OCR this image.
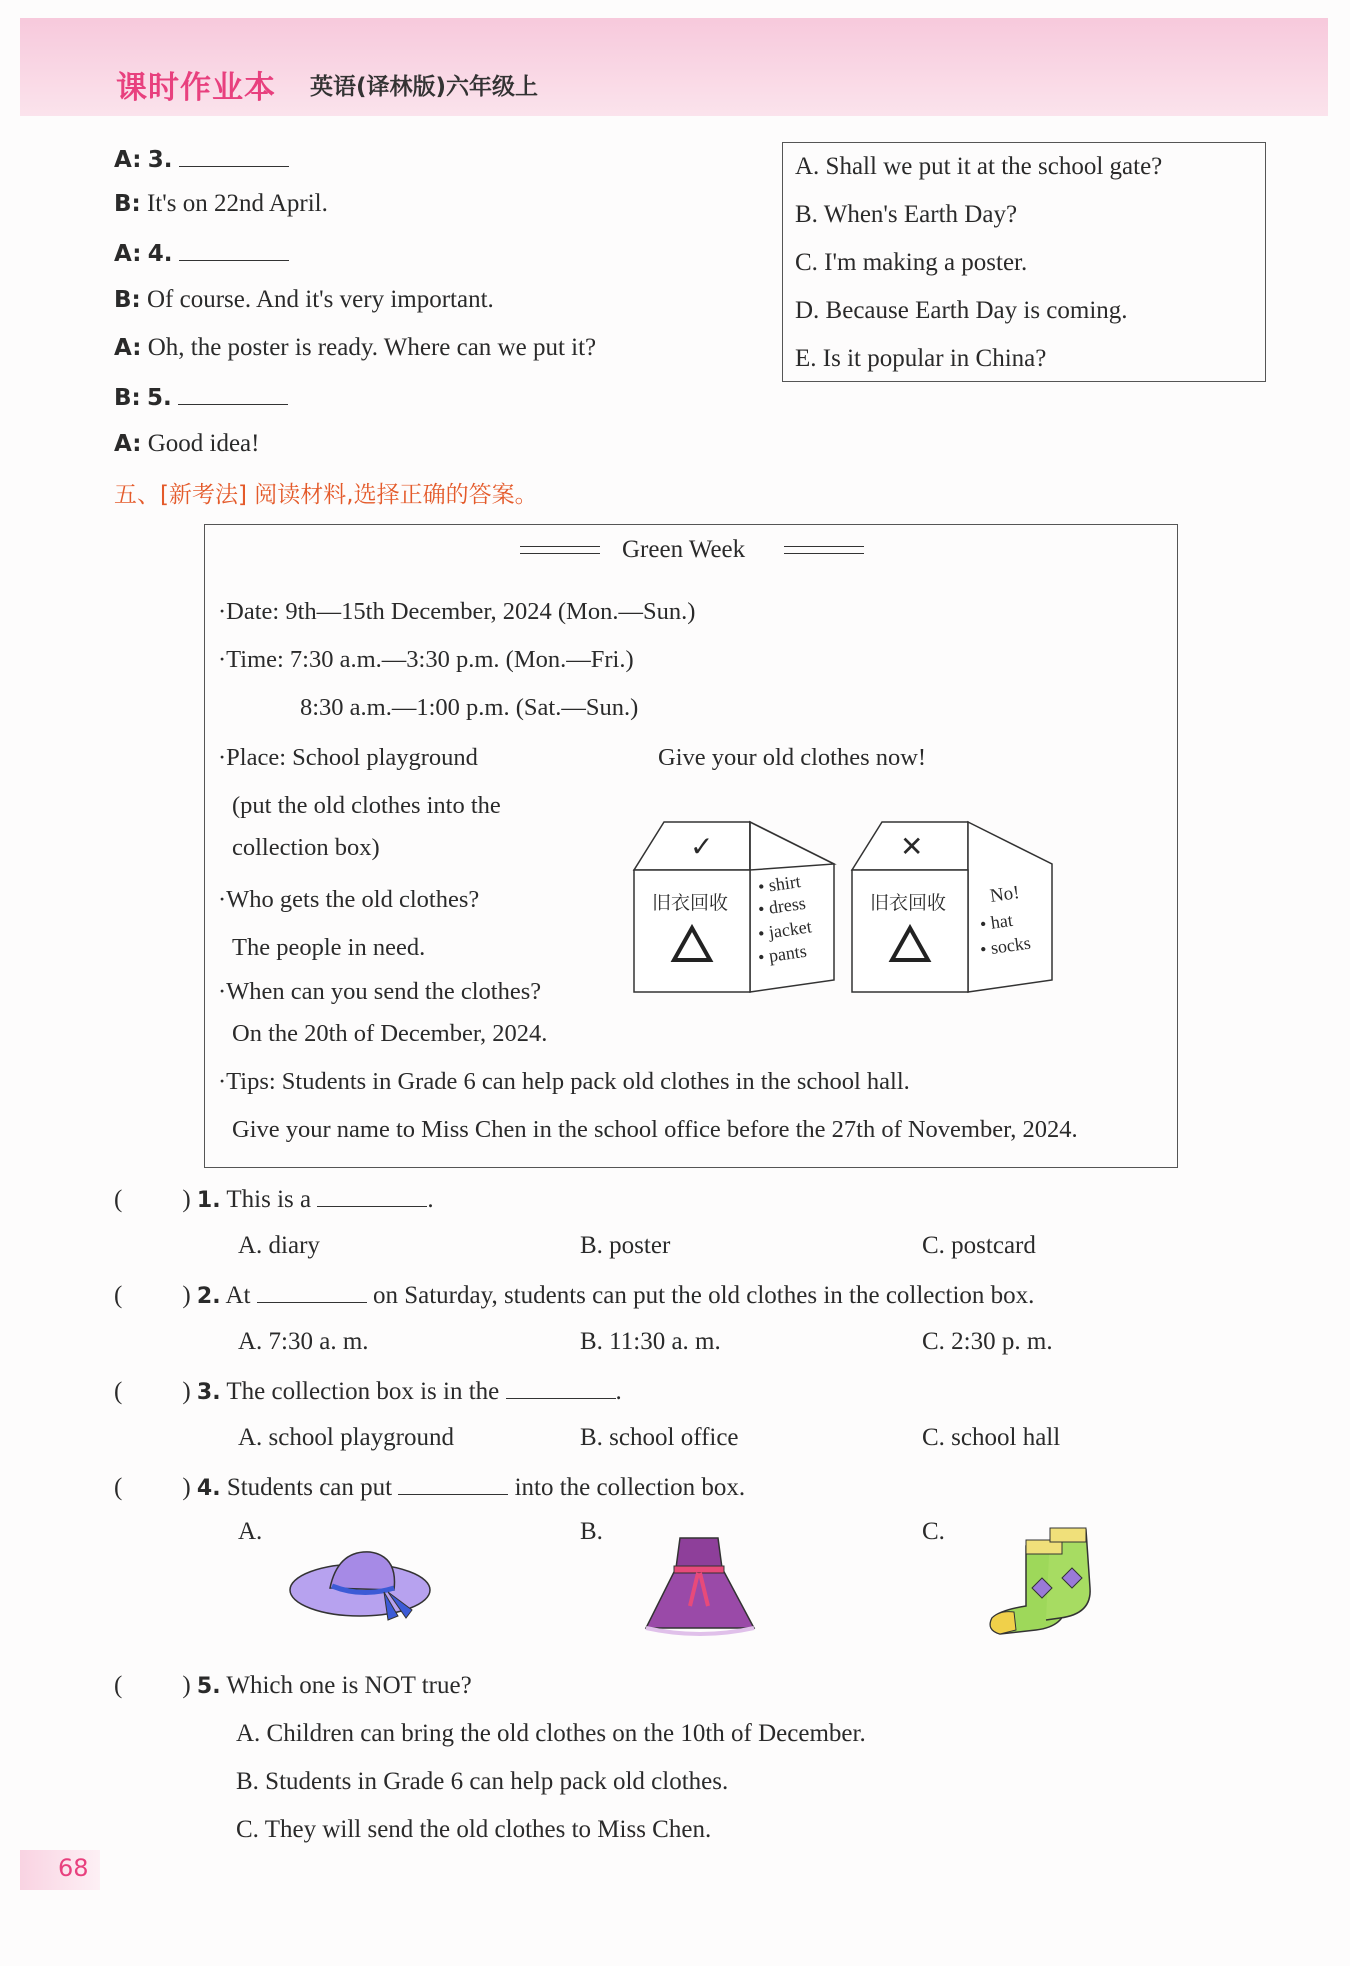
课时作业本 英语(译林版)六年级上
A: 3.
B: It's on 22nd April.
A: 4.
B: Of course. And it's very important.
A: Oh, the poster is ready. Where can we put it?
B: 5.
A: Good idea!
A. Shall we put it at the school gate?
B. When's Earth Day?
C. I'm making a poster.
D. Because Earth Day is coming.
E. Is it popular in China?
五、[新考法] 阅读材料,选择正确的答案。
Green Week
·Date: 9th—15th December, 2024 (Mon.—Sun.)
·Time: 7:30 a.m.—3:30 p.m. (Mon.—Fri.)
8:30 a.m.—1:00 p.m. (Sat.—Sun.)
·Place: School playground
(put the old clothes into the
collection box)
Give your old clothes now!
·Who gets the old clothes?
The people in need.
·When can you send the clothes?
On the 20th of December, 2024.
·Tips: Students in Grade 6 can help pack old clothes in the school hall.
Give your name to Miss Chen in the school office before the 27th of November, 2024.
✓
旧衣回收
• shirt
• dress
• jacket
• pants
✕
旧衣回收 No!
• hat
• socks
( ) 1. This is a	.
A. diary	B. poster	C. postcard
( ) 2. At	on Saturday, students can put the old clothes in the collection box.
A. 7:30 a. m.	B. 11:30 a. m.	C. 2:30 p. m.
( ) 3. The collection box is in the	.
A. school playground	B. school office	C. school hall
( ) 4. Students can put	into the collection box.
A.	B.	C.
( ) 5. Which one is NOT true?
A. Children can bring the old clothes on the 10th of December.
B. Students in Grade 6 can help pack old clothes.
C. They will send the old clothes to Miss Chen.
68
